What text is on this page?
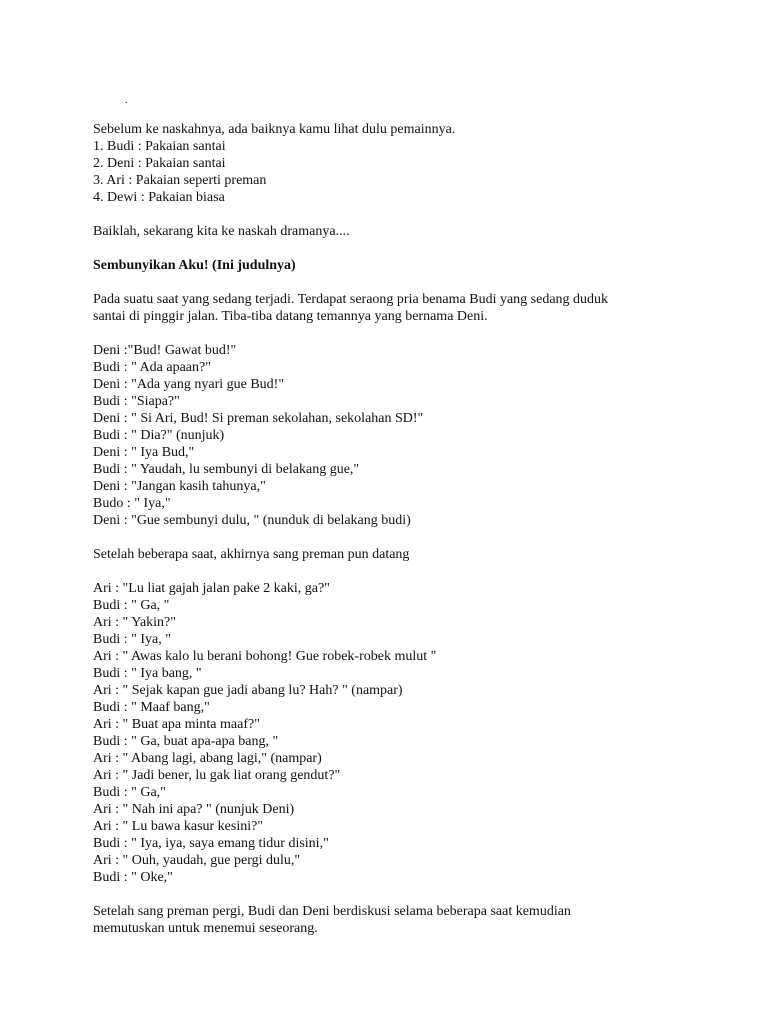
.
Sebelum ke naskahnya, ada baiknya kamu lihat dulu pemainnya.
1. Budi : Pakaian santai
2. Deni : Pakaian santai
3. Ari : Pakaian seperti preman
4. Dewi : Pakaian biasa
Baiklah, sekarang kita ke naskah dramanya....
Sembunyikan Aku! (Ini judulnya)
Pada suatu saat yang sedang terjadi. Terdapat seraong pria benama Budi yang sedang duduk
santai di pinggir jalan. Tiba-tiba datang temannya yang bernama Deni.
Deni :"Bud! Gawat bud!"
Budi : " Ada apaan?"
Deni : "Ada yang nyari gue Bud!"
Budi : "Siapa?"
Deni : " Si Ari, Bud! Si preman sekolahan, sekolahan SD!"
Budi : " Dia?" (nunjuk)
Deni : " Iya Bud,"
Budi : " Yaudah, lu sembunyi di belakang gue,"
Deni : "Jangan kasih tahunya,"
Budo : " Iya,"
Deni : "Gue sembunyi dulu, " (nunduk di belakang budi)
Setelah beberapa saat, akhirnya sang preman pun datang
Ari : "Lu liat gajah jalan pake 2 kaki, ga?"
Budi : " Ga, "
Ari : " Yakin?"
Budi : " Iya, "
Ari : " Awas kalo lu berani bohong! Gue robek-robek mulut "
Budi : " Iya bang, "
Ari : " Sejak kapan gue jadi abang lu? Hah? " (nampar)
Budi : " Maaf bang,"
Ari : " Buat apa minta maaf?"
Budi : " Ga, buat apa-apa bang, "
Ari : " Abang lagi, abang lagi," (nampar)
Ari : " Jadi bener, lu gak liat orang gendut?"
Budi : " Ga,"
Ari : " Nah ini apa? " (nunjuk Deni)
Ari : " Lu bawa kasur kesini?"
Budi : " Iya, iya, saya emang tidur disini,"
Ari : " Ouh, yaudah, gue pergi dulu,"
Budi : " Oke,"
Setelah sang preman pergi, Budi dan Deni berdiskusi selama beberapa saat kemudian
memutuskan untuk menemui seseorang.
